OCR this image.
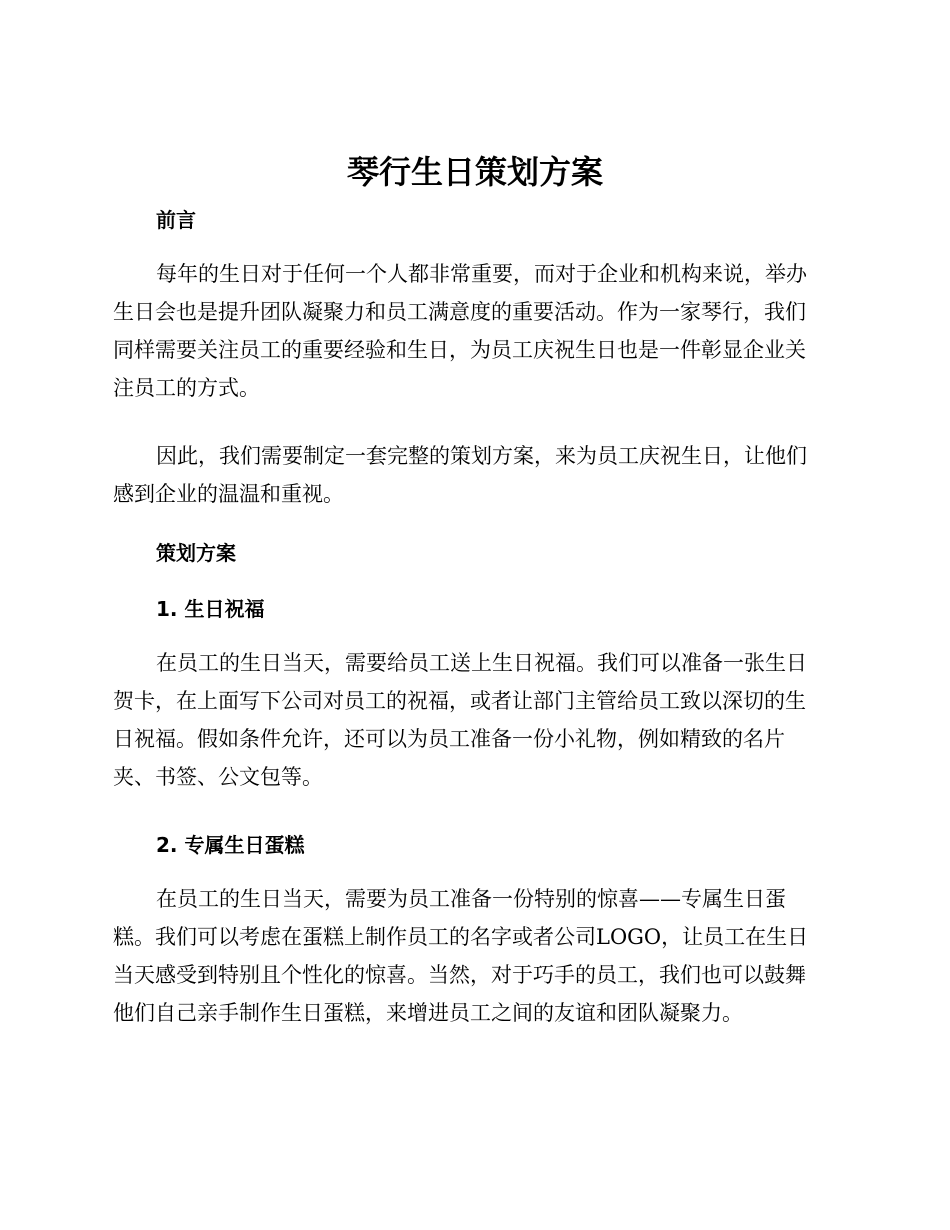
琴行生日策划方案
前言

每年的生日对于任何一个人都非常重要，而对于企业和机构来说，举办
生日会也是提升团队凝聚力和员工满意度的重要活动。作为一家琴行，我们
同样需要关注员工的重要经验和生日，为员工庆祝生日也是一件彰显企业关
注员工的方式。

因此，我们需要制定一套完整的策划方案，来为员工庆祝生日，让他们
感到企业的温温和重视。

策划方案
1. 生日祝福

在员工的生日当天，需要给员工送上生日祝福。我们可以准备一张生日
贺卡，在上面写下公司对员工的祝福，或者让部门主管给员工致以深切的生
日祝福。假如条件允许，还可以为员工准备一份小礼物，例如精致的名片
夹、书签、公文包等。

2. 专属生日蛋糕

在员工的生日当天，需要为员工准备一份特别的惊喜——专属生日蛋
糕。我们可以考虑在蛋糕上制作员工的名字或者公司LOGO，让员工在生日
当天感受到特别且个性化的惊喜。当然，对于巧手的员工，我们也可以鼓舞
他们自己亲手制作生日蛋糕，来增进员工之间的友谊和团队凝聚力。
